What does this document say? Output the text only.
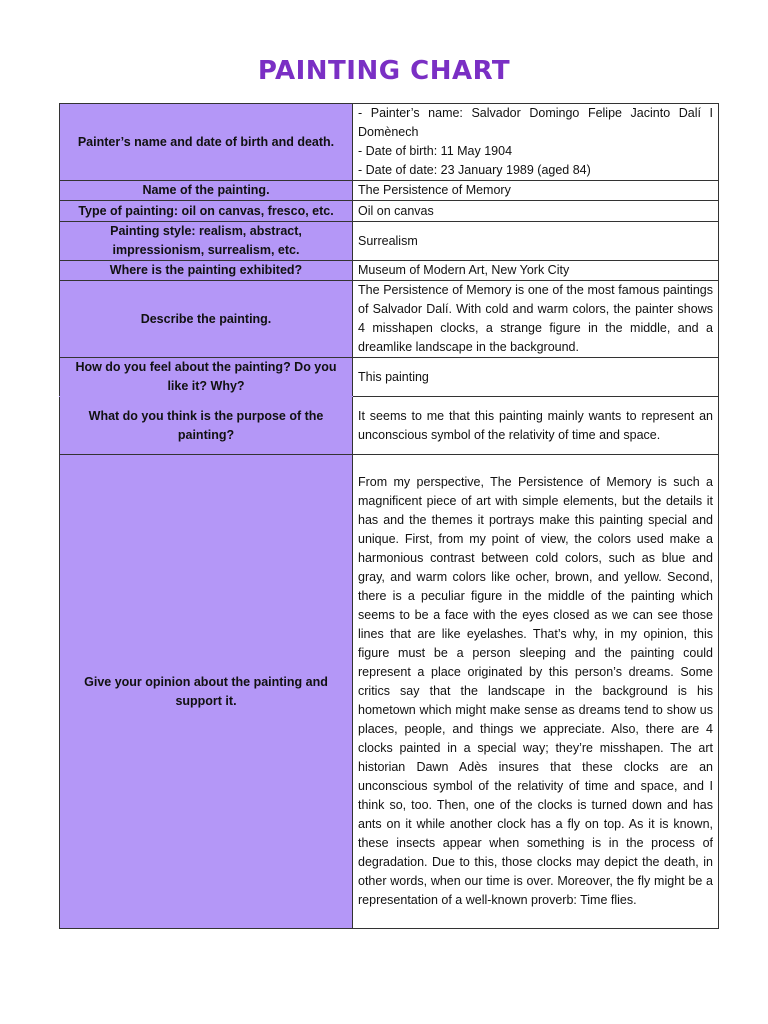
PAINTING CHART
Painter’s name and date of birth and death.	- Painter’s name: Salvador Domingo Felipe Jacinto Dalí I Domènech
- Date of birth: 11 May 1904
- Date of date: 23 January 1989 (aged 84)

Name of the painting.	The Persistence of Memory
Type of painting: oil on canvas, fresco, etc.	Oil on canvas
Painting style: realism, abstract, impressionism, surrealism, etc.	Surrealism
Where is the painting exhibited?	Museum of Modern Art, New York City
Describe the painting.	The Persistence of Memory is one of the most famous paintings of Salvador Dalí. With cold and warm colors, the painter shows 4 misshapen clocks, a strange figure in the middle, and a dreamlike landscape in the background.
How do you feel about the painting? Do you like it? Why?	This painting
What do you think is the purpose of the painting?	It seems to me that this painting mainly wants to represent an unconscious symbol of the relativity of time and space.
Give your opinion about the painting and support it.	From my perspective, The Persistence of Memory is such a magnificent piece of art with simple elements, but the details it has and the themes it portrays make this painting special and unique. First, from my point of view, the colors used make a harmonious contrast between cold colors, such as blue and gray, and warm colors like ocher, brown, and yellow. Second, there is a peculiar figure in the middle of the painting which seems to be a face with the eyes closed as we can see those lines that are like eyelashes. That’s why, in my opinion, this figure must be a person sleeping and the painting could represent a place originated by this person’s dreams. Some critics say that the landscape in the background is his hometown which might make sense as dreams tend to show us places, people, and things we appreciate. Also, there are 4 clocks painted in a special way; they’re misshapen. The art historian Dawn Adès insures that these clocks are an unconscious symbol of the relativity of time and space, and I think so, too. Then, one of the clocks is turned down and has ants on it while another clock has a fly on top. As it is known, these insects appear when something is in the process of degradation. Due to this, those clocks may depict the death, in other words, when our time is over. Moreover, the fly might be a representation of a well-known proverb: Time flies.
